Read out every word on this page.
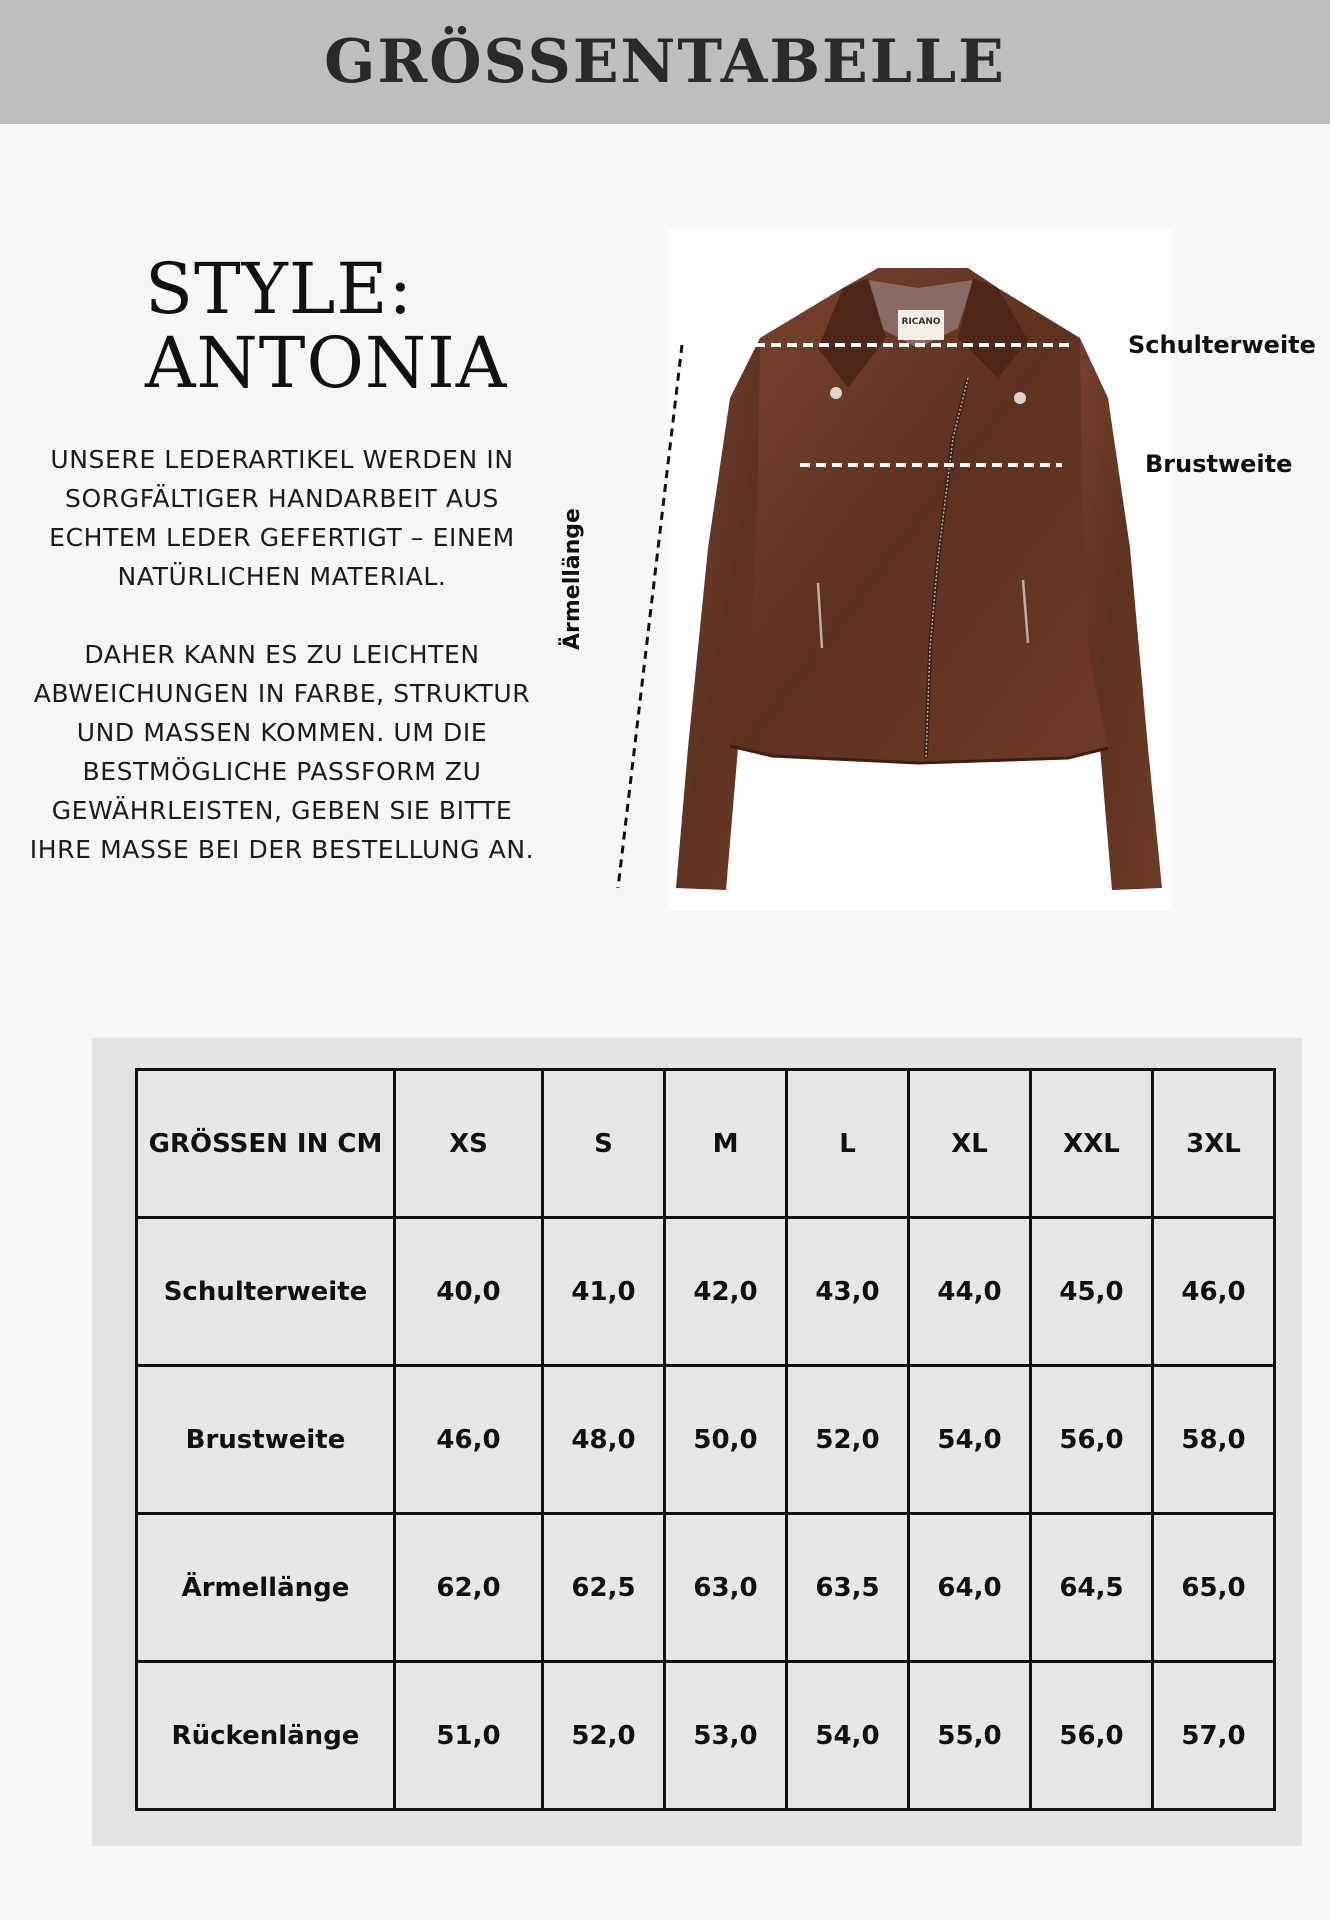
GRÖSSENTABELLE
STYLE:
ANTONIA

UNSERE LEDERARTIKEL WERDEN IN SORGFÄLTIGER HANDARBEIT AUS ECHTEM LEDER GEFERTIGT – EINEM NATÜRLICHEN MATERIAL.

DAHER KANN ES ZU LEICHTEN ABWEICHUNGEN IN FARBE, STRUKTUR UND MASSEN KOMMEN. UM DIE BESTMÖGLICHE PASSFORM ZU GEWÄHRLEISTEN, GEBEN SIE BITTE IHRE MASSE BEI DER BESTELLUNG AN.

RICANO
Schulterweite
Brustweite
Ärmellänge
GRÖSSEN IN CM	XS	S	M	L	XL	XXL	3XL
Schulterweite	40,0	41,0	42,0	43,0	44,0	45,0	46,0
Brustweite	46,0	48,0	50,0	52,0	54,0	56,0	58,0
Ärmellänge	62,0	62,5	63,0	63,5	64,0	64,5	65,0
Rückenlänge	51,0	52,0	53,0	54,0	55,0	56,0	57,0
